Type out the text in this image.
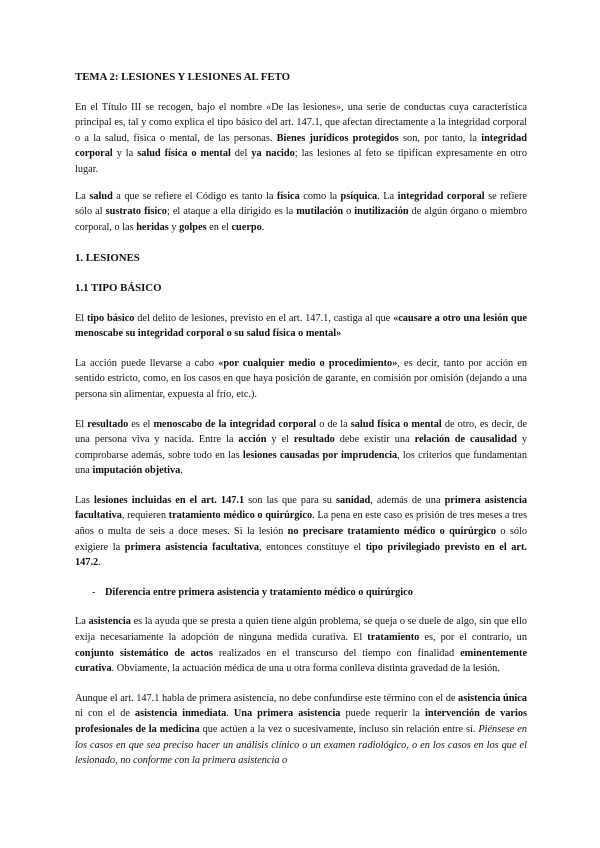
TEMA 2: LESIONES Y LESIONES AL FETO

En el Título III se recogen, bajo el nombre «De las lesiones», una serie de conductas cuya característica principal es, tal y como explica el tipo básico del art. 147.1, que afectan directamente a la integridad corporal o a la salud, física o mental, de las personas. Bienes jurídicos protegidos son, por tanto, la integridad corporal y la salud física o mental del ya nacido; las lesiones al feto se tipifican expresamente en otro lugar.

La salud a que se refiere el Código es tanto la física como la psíquica. La integridad corporal se refiere sólo al sustrato físico; el ataque a ella dirigido es la mutilación o inutilización de algún órgano o miembro corporal, o las heridas y golpes en el cuerpo.

1. LESIONES

1.1 TIPO BÁSICO

El tipo básico del delito de lesiones, previsto en el art. 147.1, castiga al que «causare a otro una lesión que menoscabe su integridad corporal o su salud física o mental»

La acción puede llevarse a cabo «por cualquier medio o procedimiento», es decir, tanto por acción en sentido estricto, como, en los casos en que haya posición de garante, en comisión por omisión (dejando a una persona sin alimentar, expuesta al frío, etc.).

El resultado es el menoscabo de la integridad corporal o de la salud física o mental de otro, es decir, de una persona viva y nacida. Entre la acción y el resultado debe existir una relación de causalidad y comprobarse además, sobre todo en las lesiones causadas por imprudencia, los criterios que fundamentan una imputación objetiva.

Las lesiones incluidas en el art. 147.1 son las que para su sanidad, además de una primera asistencia facultativa, requieren tratamiento médico o quirúrgico. La pena en este caso es prisión de tres meses a tres años o multa de seis a doce meses. Si la lesión no precisare tratamiento médico o quirúrgico o sólo exigiere la primera asistencia facultativa, entonces constituye el tipo privilegiado previsto en el art. 147.2.

- Diferencia entre primera asistencia y tratamiento médico o quirúrgico

La asistencia es la ayuda que se presta a quien tiene algún problema, se queja o se duele de algo, sin que ello exija necesariamente la adopción de ninguna medida curativa. El tratamiento es, por el contrario, un conjunto sistemático de actos realizados en el transcurso del tiempo con finalidad eminentemente curativa. Obviamente, la actuación médica de una u otra forma conlleva distinta gravedad de la lesión.

Aunque el art. 147.1 habla de primera asistencia, no debe confundirse este término con el de asistencia única ni con el de asistencia inmediata. Una primera asistencia puede requerir la intervención de varios profesionales de la medicina que actúen a la vez o sucesivamente, incluso sin relación entre sí. Piénsese en los casos en que sea preciso hacer un análisis clínico o un examen radiológico, o en los casos en los que el lesionado, no conforme con la primera asistencia o
